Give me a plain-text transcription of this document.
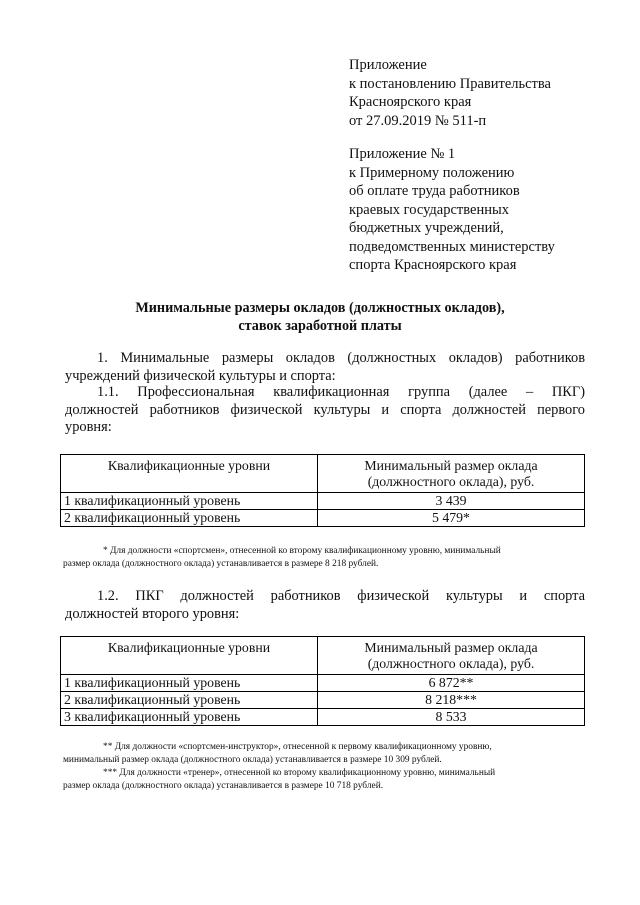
Приложение
к постановлению Правительства
Красноярского края
от 27.09.2019 № 511-п
Приложение № 1
к Примерному положению
об оплате труда работников
краевых государственных
бюджетных учреждений,
подведомственных министерству
спорта Красноярского края
Минимальные размеры окладов (должностных окладов),
ставок заработной платы
1. Минимальные размеры окладов (должностных окладов) работников
учреждений физической культуры и спорта:
1.1. Профессиональная квалификационная группа (далее – ПКГ)
должностей работников физической культуры и спорта должностей первого
уровня:
Квалификационные уровни	Минимальный размер оклада
(должностного оклада), руб.

1 квалификационный уровень	3 439
2 квалификационный уровень	5 479*
* Для должности «спортсмен», отнесенной ко второму квалификационному уровню, минимальный
размер оклада (должностного оклада) устанавливается в размере 8 218 рублей.
1.2. ПКГ должностей работников физической культуры и спорта
должностей второго уровня:
Квалификационные уровни	Минимальный размер оклада
(должностного оклада), руб.

1 квалификационный уровень	6 872**
2 квалификационный уровень	8 218***
3 квалификационный уровень	8 533
** Для должности «спортсмен-инструктор», отнесенной к первому квалификационному уровню,
минимальный размер оклада (должностного оклада) устанавливается в размере 10 309 рублей.
*** Для должности «тренер», отнесенной ко второму квалификационному уровню, минимальный
размер оклада (должностного оклада) устанавливается в размере 10 718 рублей.
